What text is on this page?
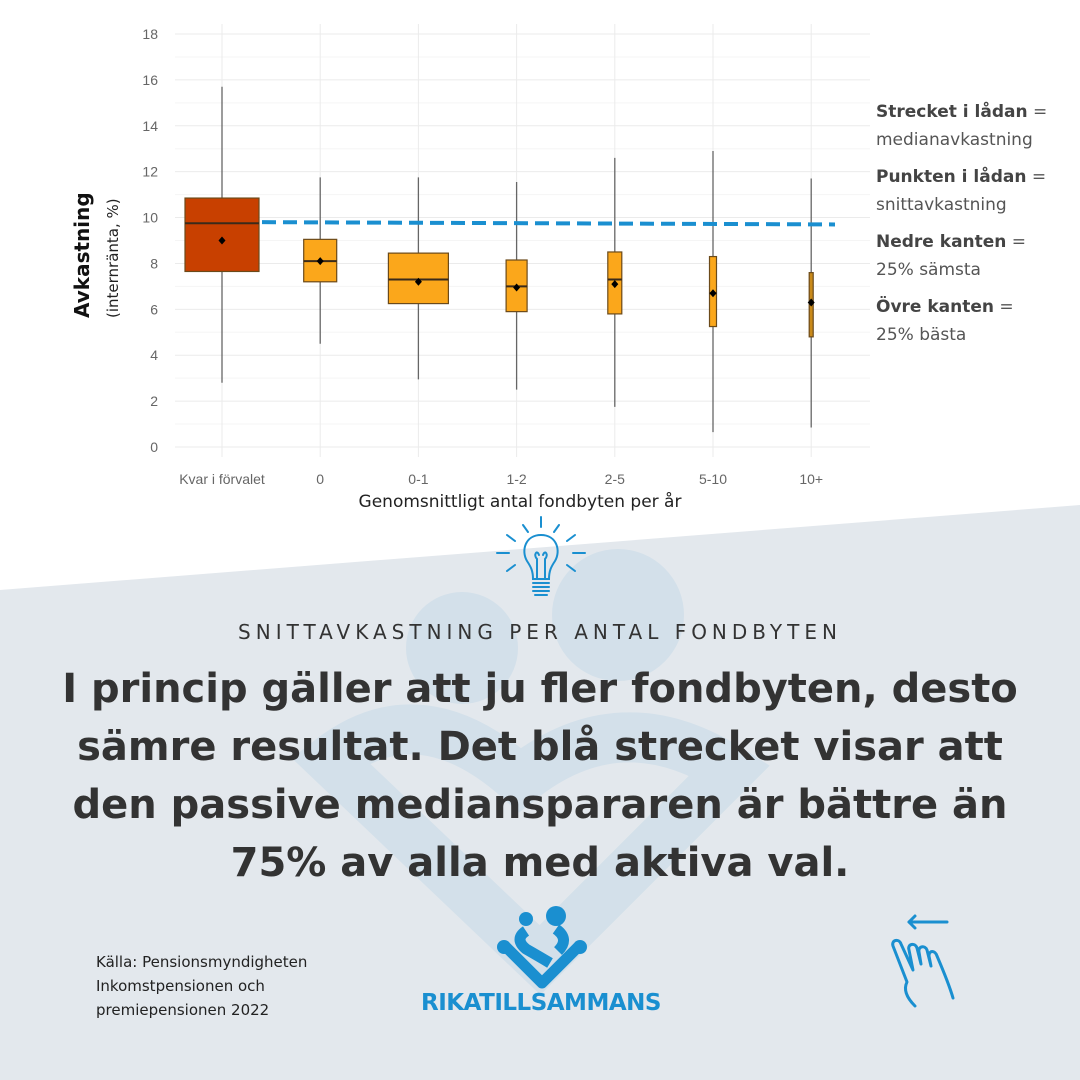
0
2
4
6
8
10
12
14
16
18
Kvar i förvalet	0	0-1	1-2	2-5	5-10	10+
Avkastning (internränta, %)
Genomsnittligt antal fondbyten per år
Strecket i lådan =
medianavkastning
Punkten i lådan =
snittavkastning
Nedre kanten =
25% sämsta
Övre kanten =
25% bästa
SNITTAVKASTNING PER ANTAL FONDBYTEN
I princip gäller att ju fler fondbyten, desto sämre resultat. Det blå strecket visar att den passive medianspararen är bättre än 75% av alla med aktiva val.
Källa: Pensionsmyndigheten
Inkomstpensionen och
premiepensionen 2022	RIKATILLSAMMANS
